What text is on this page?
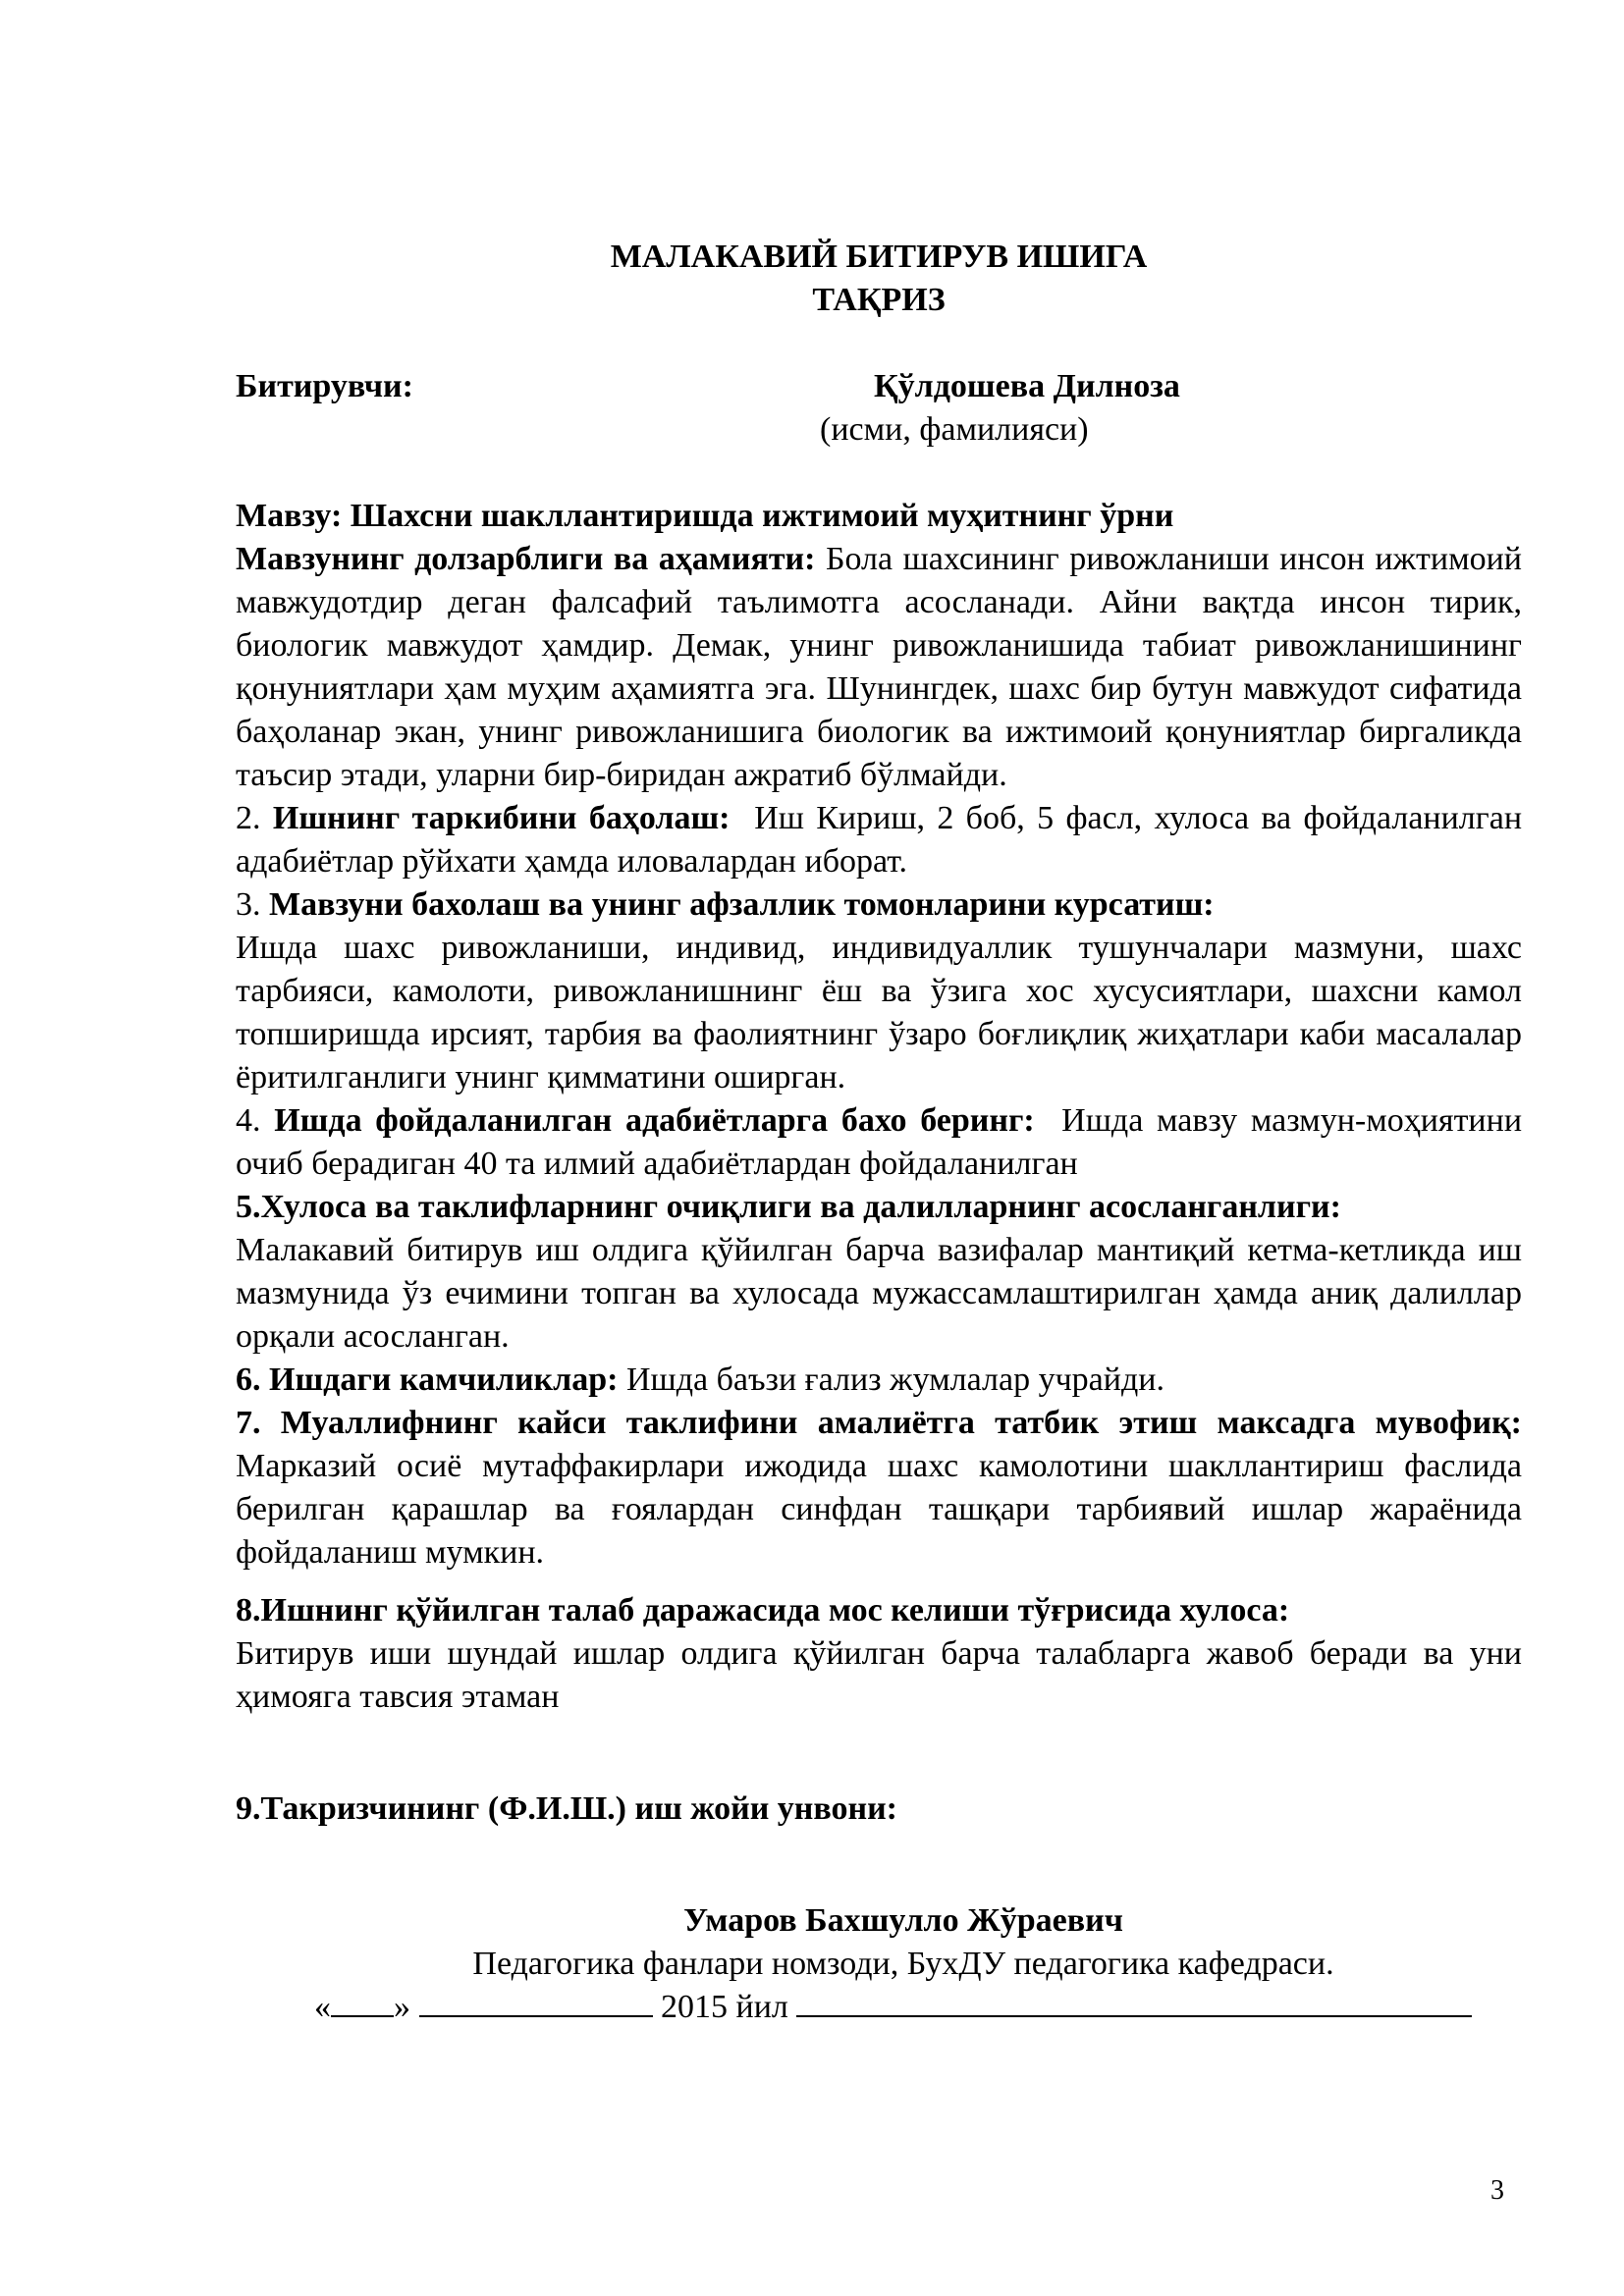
МАЛАКАВИЙ БИТИРУВ ИШИГА

ТАҚРИЗ

Битирувчи:	Қўлдошева Дилноза
(исми, фамилияси)

Мавзу: Шахсни шакллантиришда ижтимоий муҳитнинг ўрни

Мавзунинг долзарблиги ва аҳамияти: Бола шахсининг ривожланиши инсон ижтимоий мавжудотдир деган фалсафий таълимотга асосланади. Айни вақтда инсон тирик, биологик мавжудот ҳамдир. Демак, унинг ривожланишида табиат ривожланишининг қонуниятлари ҳам муҳим аҳамиятга эга. Шунингдек, шахс бир бутун мавжудот сифатида баҳоланар экан, унинг ривожланишига биологик ва ижтимоий қонуниятлар биргаликда таъсир этади, уларни бир-биридан ажратиб бўлмайди.

2. Ишнинг таркибини баҳолаш: Иш Кириш, 2 боб, 5 фасл, хулоса ва фойдаланилган адабиётлар рўйхати ҳамда иловалардан иборат.

3. Мавзуни бахолаш ва унинг афзаллик томонларини курсатиш:

Ишда шахс ривожланиши, индивид, индивидуаллик тушунчалари мазмуни, шахс тарбияси, камолоти, ривожланишнинг ёш ва ўзига хос хусусиятлари, шахсни камол топширишда ирсият, тарбия ва фаолиятнинг ўзаро боғлиқлиқ жиҳатлари каби масалалар ёритилганлиги унинг қимматини оширган.

4. Ишда фойдаланилган адабиётларга бахо беринг: Ишда мавзу мазмун-моҳиятини очиб берадиган 40 та илмий адабиётлардан фойдаланилган

5.Хулоса ва таклифларнинг очиқлиги ва далилларнинг асосланганлиги:

Малакавий битирув иш олдига қўйилган барча вазифалар мантиқий кетма-кетликда иш мазмунида ўз ечимини топган ва хулосада мужассамлаштирилган ҳамда аниқ далиллар орқали асосланган.

6. Ишдаги камчиликлар: Ишда баъзи ғализ жумлалар учрайди.

7. Муаллифнинг кайси таклифини амалиётга татбик этиш максадга мувофиқ: Марказий осиё мутаффакирлари ижодида шахс камолотини шакллантириш фаслида берилган қарашлар ва ғоялардан синфдан ташқари тарбиявий ишлар жараёнида фойдаланиш мумкин.

8.Ишнинг қўйилган талаб даражасида мос келиши тўғрисида хулоса:

Битирув иши шундай ишлар олдига қўйилган барча талабларга жавоб беради ва уни ҳимояга тавсия этаман

9.Такризчининг (Ф.И.Ш.) иш жойи унвони:

Умаров Бахшулло Жўраевич

Педагогика фанлари номзоди, БухДУ педагогика кафедраси.

« »	2015 йил

3
